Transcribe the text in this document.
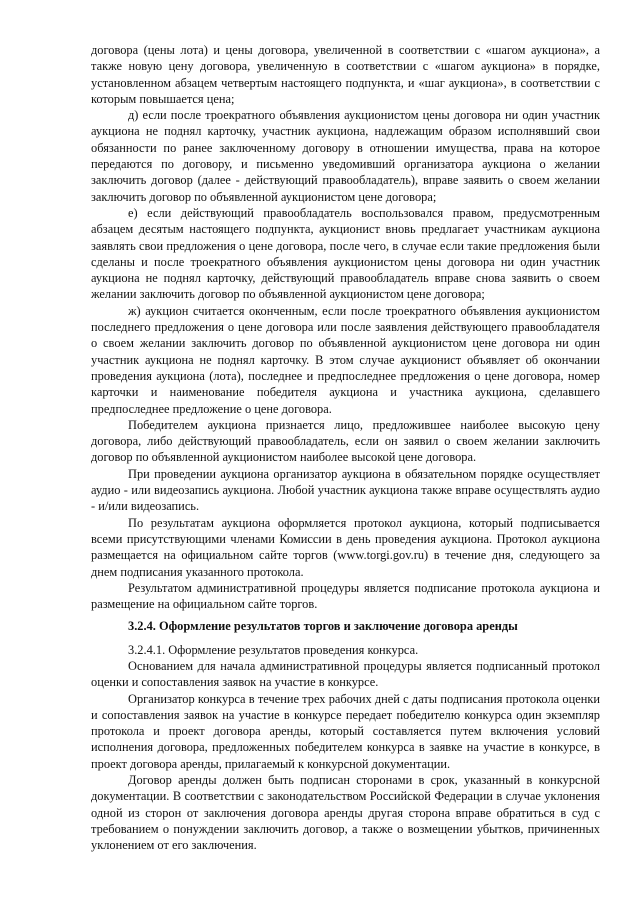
договора (цены лота) и цены договора, увеличенной в соответствии с «шагом аукциона», а также новую цену договора, увеличенную в соответствии с «шагом аукциона» в порядке, установленном абзацем четвертым настоящего подпункта, и «шаг аукциона», в соответствии с которым повышается цена;

д) если после троекратного объявления аукционистом цены договора ни один участник аукциона не поднял карточку, участник аукциона, надлежащим образом исполнявший свои обязанности по ранее заключенному договору в отношении имущества, права на которое передаются по договору, и письменно уведомивший организатора аукциона о желании заключить договор (далее - действующий правообладатель), вправе заявить о своем желании заключить договор по объявленной аукционистом цене договора;

е) если действующий правообладатель воспользовался правом, предусмотренным абзацем десятым настоящего подпункта, аукционист вновь предлагает участникам аукциона заявлять свои предложения о цене договора, после чего, в случае если такие предложения были сделаны и после троекратного объявления аукционистом цены договора ни один участник аукциона не поднял карточку, действующий правообладатель вправе снова заявить о своем желании заключить договор по объявленной аукционистом цене договора;

ж) аукцион считается оконченным, если после троекратного объявления аукционистом последнего предложения о цене договора или после заявления действующего правообладателя о своем желании заключить договор по объявленной аукционистом цене договора ни один участник аукциона не поднял карточку. В этом случае аукционист объявляет об окончании проведения аукциона (лота), последнее и предпоследнее предложения о цене договора, номер карточки и наименование победителя аукциона и участника аукциона, сделавшего предпоследнее предложение о цене договора.

Победителем аукциона признается лицо, предложившее наиболее высокую цену договора, либо действующий правообладатель, если он заявил о своем желании заключить договор по объявленной аукционистом наиболее высокой цене договора.

При проведении аукциона организатор аукциона в обязательном порядке осуществляет аудио - или видеозапись аукциона. Любой участник аукциона также вправе осуществлять аудио - и/или видеозапись.

По результатам аукциона оформляется протокол аукциона, который подписывается всеми присутствующими членами Комиссии в день проведения аукциона. Протокол аукциона размещается на официальном сайте торгов (www.torgi.gov.ru) в течение дня, следующего за днем подписания указанного протокола.

Результатом административной процедуры является подписание протокола аукциона и размещение на официальном сайте торгов.

3.2.4. Оформление результатов торгов и заключение договора аренды

3.2.4.1. Оформление результатов проведения конкурса.

Основанием для начала административной процедуры является подписанный протокол оценки и сопоставления заявок на участие в конкурсе.

Организатор конкурса в течение трех рабочих дней с даты подписания протокола оценки и сопоставления заявок на участие в конкурсе передает победителю конкурса один экземпляр протокола и проект договора аренды, который составляется путем включения условий исполнения договора, предложенных победителем конкурса в заявке на участие в конкурсе, в проект договора аренды, прилагаемый к конкурсной документации.

Договор аренды должен быть подписан сторонами в срок, указанный в конкурсной документации. В соответствии с законодательством Российской Федерации в случае уклонения одной из сторон от заключения договора аренды другая сторона вправе обратиться в суд с требованием о понуждении заключить договор, а также о возмещении убытков, причиненных уклонением от его заключения.
